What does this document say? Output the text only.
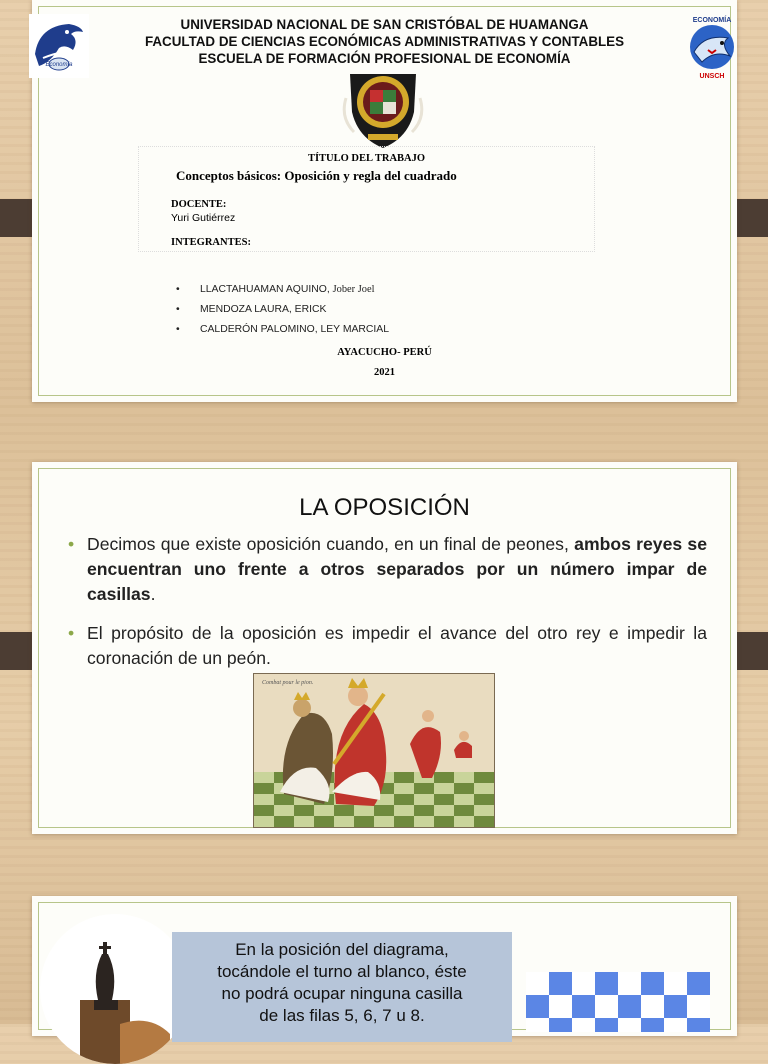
Economía
ECONOMÍA
UNSCH
UNIVERSIDAD NACIONAL DE SAN CRISTÓBAL DE HUAMANGA
FACULTAD DE CIENCIAS ECONÓMICAS ADMINISTRATIVAS Y CONTABLES
ESCUELA DE FORMACIÓN PROFESIONAL DE ECONOMÍA
TÍTULO DEL TRABAJO
Conceptos básicos: Oposición y regla del cuadrado
DOCENTE:
Yuri Gutiérrez
INTEGRANTES:
• LLACTAHUAMAN AQUINO, Jober Joel
• MENDOZA LAURA, ERICK
• CALDERÓN PALOMINO, LEY MARCIAL
AYACUCHO- PERÚ
2021
LA OPOSICIÓN
• Decimos que existe oposición cuando, en un final de peones, ambos reyes se encuentran uno frente a otros separados por un número impar de casillas.
• El propósito de la oposición es impedir el avance del otro rey e impedir la coronación de un peón.
Combat pour le pion.

En la posición del diagrama,
tocándole el turno al blanco, éste
no podrá ocupar ninguna casilla
de las filas 5, 6, 7 u 8.
